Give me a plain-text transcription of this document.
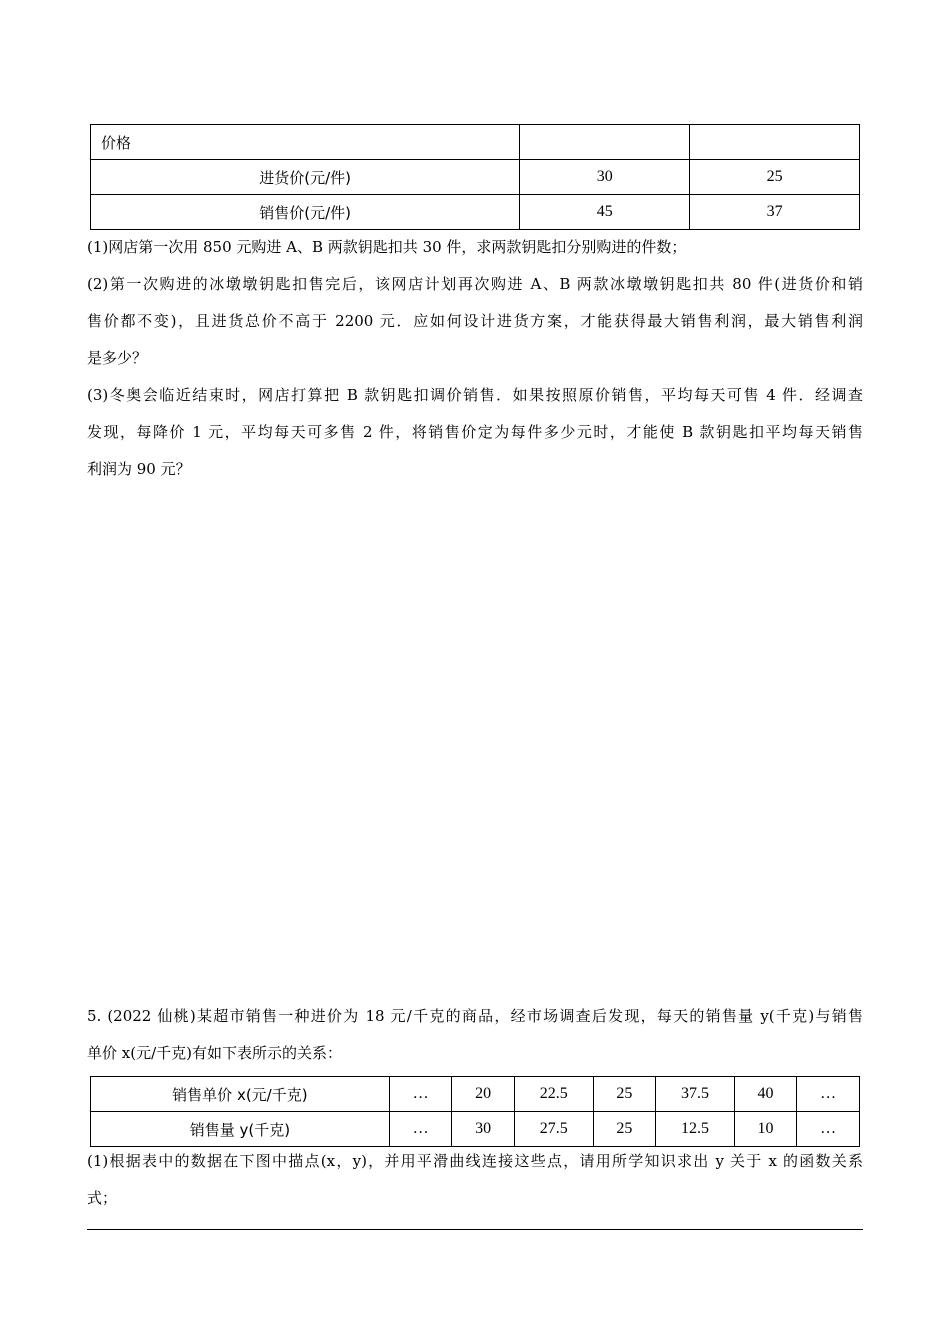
价格		
进货价(元/件)	30	25
销售价(元/件)	45	37
(1)网店第一次用 850 元购进 A、B 两款钥匙扣共 30 件，求两款钥匙扣分别购进的件数；
(2)第一次购进的冰墩墩钥匙扣售完后，该网店计划再次购进 A、B 两款冰墩墩钥匙扣共 80 件(进货价和销
售价都不变)，且进货总价不高于 2200 元．应如何设计进货方案，才能获得最大销售利润，最大销售利润
是多少？
(3)冬奥会临近结束时，网店打算把 B 款钥匙扣调价销售．如果按照原价销售，平均每天可售 4 件．经调查
发现，每降价 1 元，平均每天可多售 2 件，将销售价定为每件多少元时，才能使 B 款钥匙扣平均每天销售
利润为 90 元？
5. (2022 仙桃)某超市销售一种进价为 18 元/千克的商品，经市场调查后发现，每天的销售量 y(千克)与销售
单价 x(元/千克)有如下表所示的关系：
销售单价 x(元/千克)	…	20	22.5	25	37.5	40	…
销售量 y(千克)	…	30	27.5	25	12.5	10	…
(1)根据表中的数据在下图中描点(x，y)，并用平滑曲线连接这些点，请用所学知识求出 y 关于 x 的函数关系
式；
